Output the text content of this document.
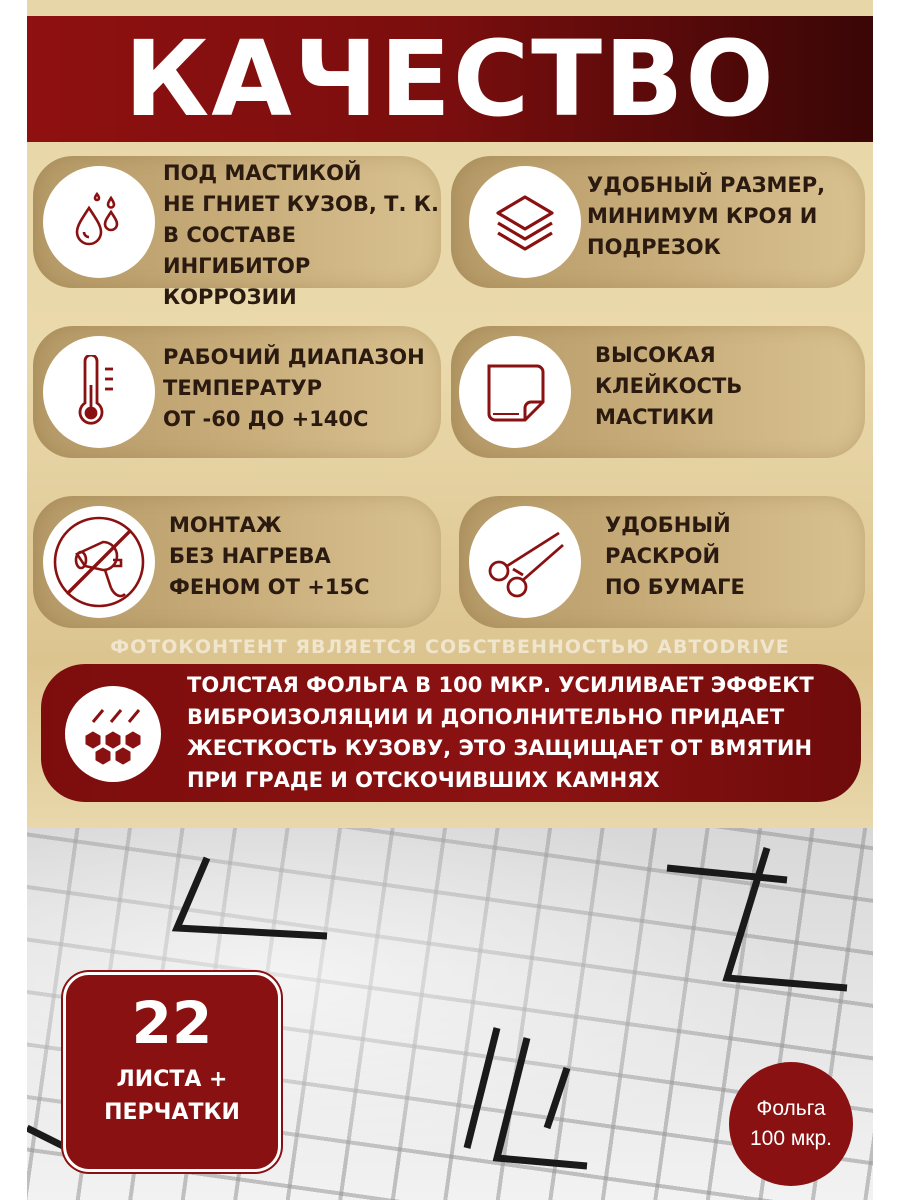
КАЧЕСТВО
ПОД МАСТИКОЙ
НЕ ГНИЕТ КУЗОВ, Т. К.
В СОСТАВЕ ИНГИБИТОР
КОРРОЗИИ
УДОБНЫЙ РАЗМЕР,
МИНИМУМ КРОЯ И
ПОДРЕЗОК
РАБОЧИЙ ДИАПАЗОН
ТЕМПЕРАТУР
ОТ -60 ДО +140С
ВЫСОКАЯ
КЛЕЙКОСТЬ
МАСТИКИ
МОНТАЖ
БЕЗ НАГРЕВА
ФЕНОМ ОТ +15С
УДОБНЫЙ
РАСКРОЙ
ПО БУМАГЕ
ФОТОКОНТЕНТ ЯВЛЯЕТСЯ СОБСТВЕННОСТЬЮ ABTODRIVE
ТОЛСТАЯ ФОЛЬГА В 100 МКР. УСИЛИВАЕТ ЭФФЕКТ
ВИБРОИЗОЛЯЦИИ И ДОПОЛНИТЕЛЬНО ПРИДАЕТ
ЖЕСТКОСТЬ КУЗОВУ, ЭТО ЗАЩИЩАЕТ ОТ ВМЯТИН
ПРИ ГРАДЕ И ОТСКОЧИВШИХ КАМНЯХ
22
ЛИСТА +
ПЕРЧАТКИ	Фольга
100 мкр.
